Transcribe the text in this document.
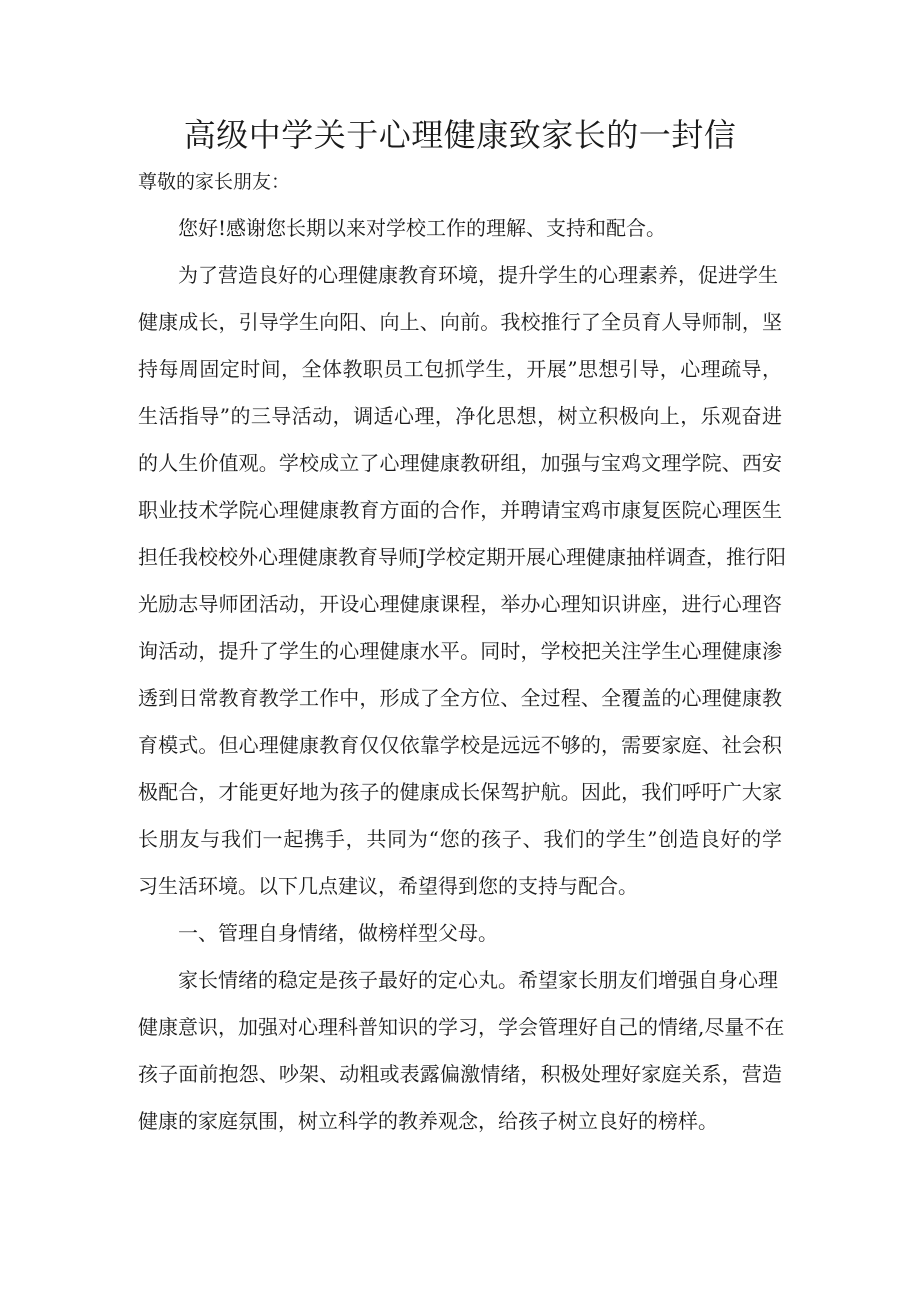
高级中学关于心理健康致家长的一封信
尊敬的家长朋友：
您好!感谢您长期以来对学校工作的理解、支持和配合。
为了营造良好的心理健康教育环境，提升学生的心理素养，促进学生
健康成长，引导学生向阳、向上、向前。我校推行了全员育人导师制，坚
持每周固定时间，全体教职员工包抓学生，开展”思想引导，心理疏导，
生活指导”的三导活动，调适心理，净化思想，树立积极向上，乐观奋进
的人生价值观。学校成立了心理健康教研组，加强与宝鸡文理学院、西安
职业技术学院心理健康教育方面的合作，并聘请宝鸡市康复医院心理医生
担任我校校外心理健康教育导师J学校定期开展心理健康抽样调查，推行阳
光励志导师团活动，开设心理健康课程，举办心理知识讲座，进行心理咨
询活动，提升了学生的心理健康水平。同时，学校把关注学生心理健康渗
透到日常教育教学工作中，形成了全方位、全过程、全覆盖的心理健康教
育模式。但心理健康教育仅仅依靠学校是远远不够的，需要家庭、社会积
极配合，才能更好地为孩子的健康成长保驾护航。因此，我们呼吁广大家
长朋友与我们一起携手，共同为“您的孩子、我们的学生”创造良好的学
习生活环境。以下几点建议，希望得到您的支持与配合。
一、管理自身情绪，做榜样型父母。
家长情绪的稳定是孩子最好的定心丸。希望家长朋友们增强自身心理
健康意识，加强对心理科普知识的学习，学会管理好自己的情绪,尽量不在
孩子面前抱怨、吵架、动粗或表露偏激情绪，积极处理好家庭关系，营造
健康的家庭氛围，树立科学的教养观念，给孩子树立良好的榜样。
